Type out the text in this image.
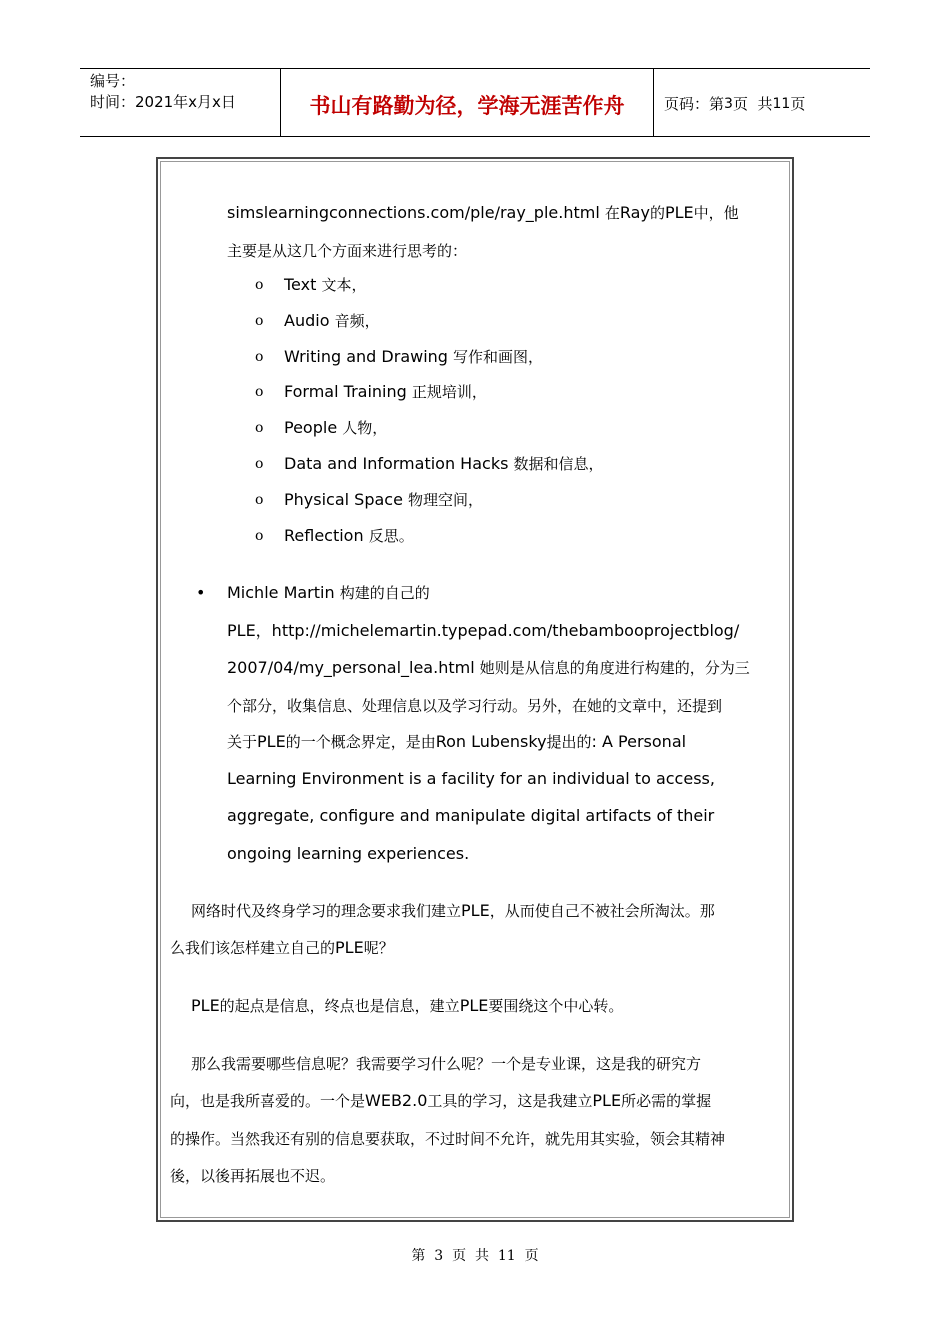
编号：
时间：2021年x月x日	书山有路勤为径，学海无涯苦作舟	页码：第 3 页  共 11 页
simslearningconnections.com/ple/ray_ple.html 在Ray的PLE中，他
主要是从这几个方面来进行思考的：
o Text 文本，
o Audio 音频，
o Writing and Drawing 写作和画图，
o Formal Training 正规培训，
o People 人物，
o Data and Information Hacks 数据和信息，
o Physical Space 物理空间，
o Reflection 反思。
• Michle Martin 构建的自己的
PLE，http://michelemartin.typepad.com/thebambooprojectblog/
2007/04/my_personal_lea.html 她则是从信息的角度进行构建的，分为三
个部分，收集信息、处理信息以及学习行动。另外，在她的文章中，还提到
关于PLE的一个概念界定，是由Ron Lubensky提出的: A Personal
Learning Environment is a facility for an individual to access,
aggregate, configure and manipulate digital artifacts of their
ongoing learning experiences.
网络时代及终身学习的理念要求我们建立PLE，从而使自己不被社会所淘汰。那
么我们该怎样建立自己的PLE呢？
PLE的起点是信息，终点也是信息，建立PLE要围绕这个中心转。
那么我需要哪些信息呢？我需要学习什么呢？一个是专业课，这是我的研究方
向，也是我所喜爱的。一个是WEB2.0工具的学习，这是我建立PLE所必需的掌握
的操作。当然我还有别的信息要获取，不过时间不允许，就先用其实验，领会其精神
後，以後再拓展也不迟。
第  3  页  共  11  页
